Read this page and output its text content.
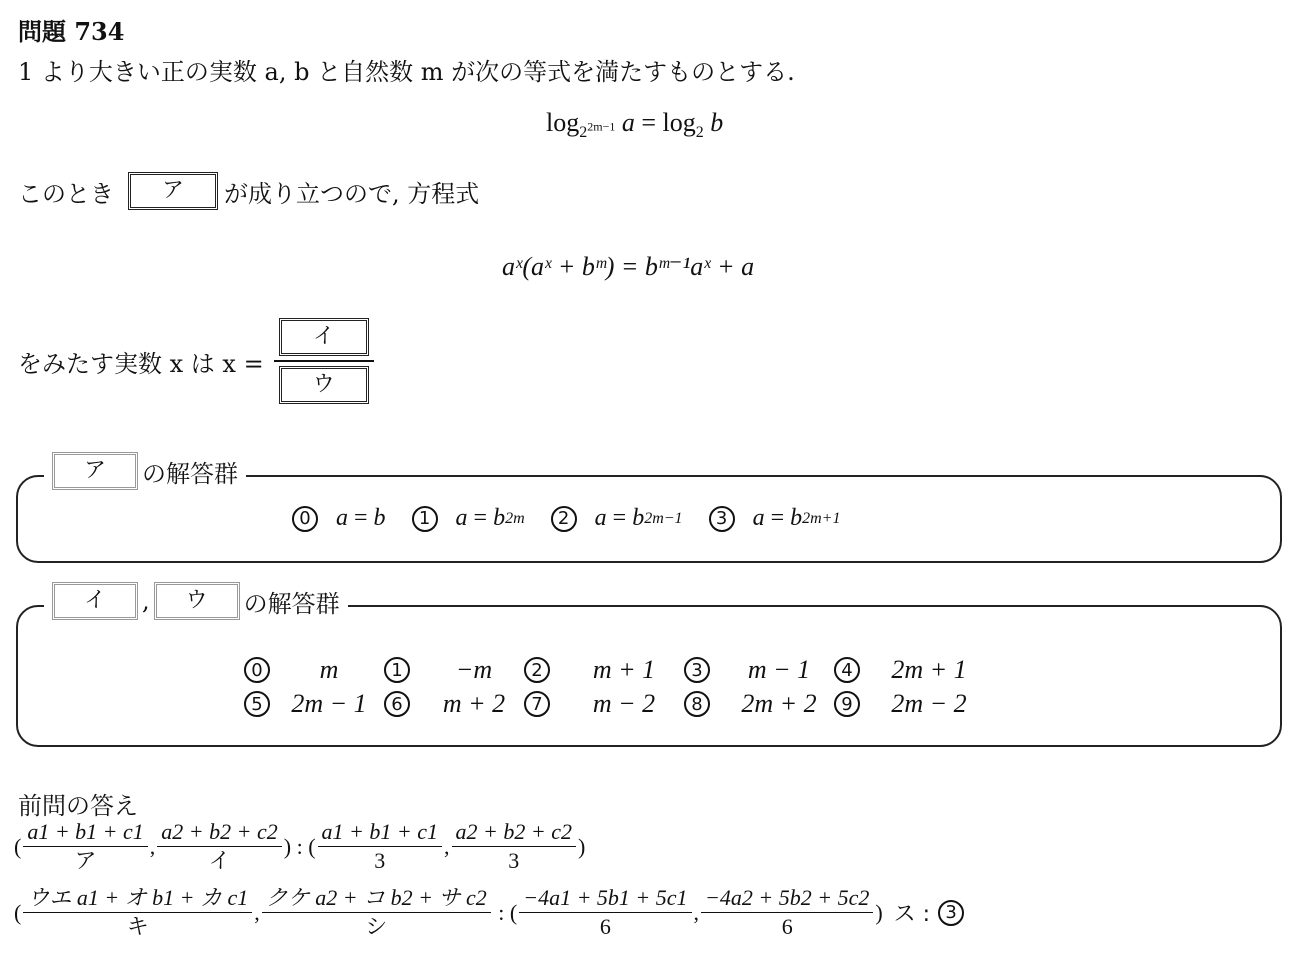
問題 734
1 より大きい正の実数 a, b と自然数 m が次の等式を満たすものとする.
$\log_{2^{2m-1}} a = \log_2 b$
このとき	ア	が成り立つので, 方程式
aˣ(aˣ + bᵐ) = bᵐ⁻¹aˣ + a
をみたす実数 x は x =
イ
ウ
ア	の解答群
0	a = b	1	a = b 2m	2	a = b 2m−1	3	a = b 2m+1
イ	,	ウ	の解答群
0	m	1	−m	2	m + 1	3	m − 1	4	2m + 1
5	2m − 1	6	m + 2	7	m − 2	8	2m + 2	9	2m − 2
前問の答え
( $\frac{a1 + b1 + c1}{\text{ア}}$ , $\frac{a2 + b2 + c2}{\text{イ}}$ ) : ( $\frac{a1 + b1 + c1}{3}$ , $\frac{a2 + b2 + c2}{3}$ )
( $\frac{\text{ウエ a1 + オ b1 + カ c1}}{\text{キ}}$ , $\frac{\text{クケ a2 + コ b2 + サ c2}}{\text{シ}}$ : ( $\frac{-4a1 + 5b1 + 5c1}{6}$ , $\frac{-4a2 + 5b2 + 5c2}{6}$ ) ス : 3
